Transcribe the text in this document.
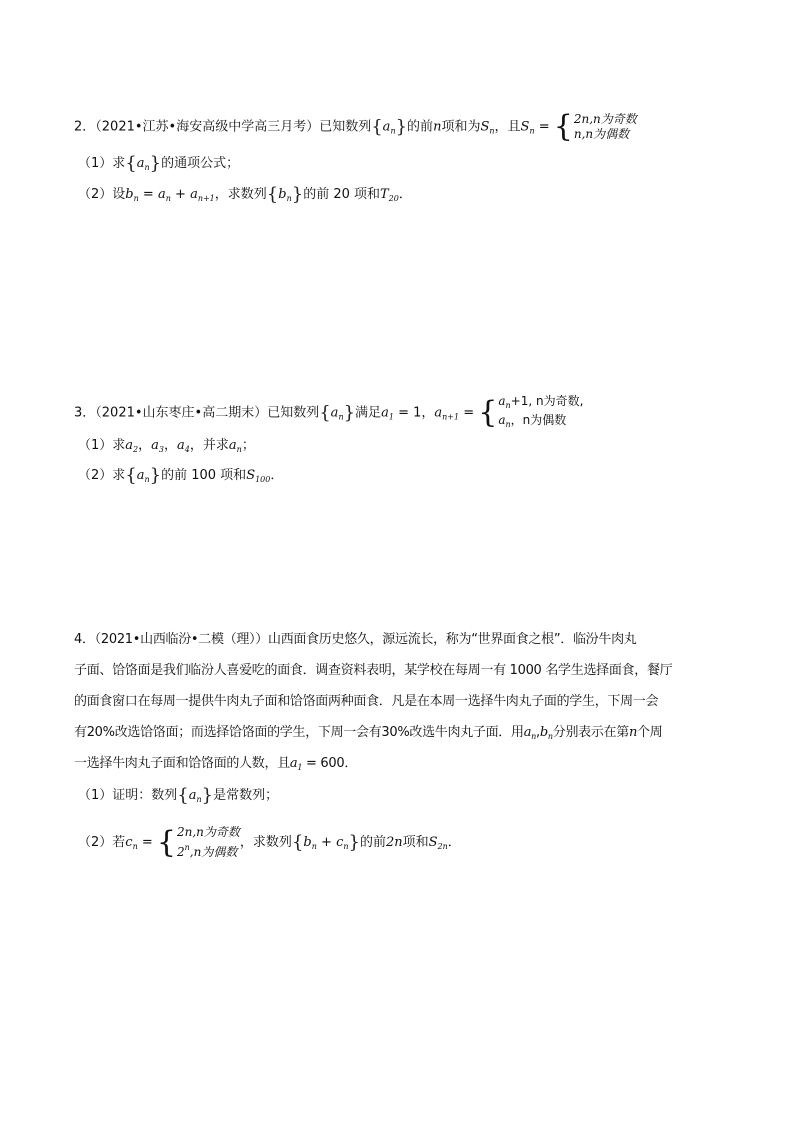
2．（2021•江苏•海安高级中学高三月考）已知数列$\{a_n\}$的前n项和为$S_n$，且$S_n = \{2n,n$为奇数
n,n为偶数
（1）求$\{a_n\}$的通项公式；
（2）设$b_n = a_n + a_{n+1}$，求数列$\{b_n\}$的前 20 项和$T_{20}$．
3．（2021•山东枣庄•高二期末）已知数列$\{a_n\}$满足$a_1 = 1$，$a_{n+1} = \{a_n+1$, n为奇数,
$a_n$，n为偶数
（1）求$a_2$，$a_3$，$a_4$，并求$a_n$；
（2）求$\{a_n\}$的前 100 项和$S_{100}$．
4．（2021•山西临汾•二模（理））山西面食历史悠久，源远流长，称为“世界面食之根”．临汾牛肉丸
子面、饸饹面是我们临汾人喜爱吃的面食．调查资料表明，某学校在每周一有 1000 名学生选择面食，餐厅
的面食窗口在每周一提供牛肉丸子面和饸饹面两种面食．凡是在本周一选择牛肉丸子面的学生，下周一会
有20%改选饸饹面；而选择饸饹面的学生，下周一会有30%改选牛肉丸子面．用$a_n,b_n$分别表示在第n个周
一选择牛肉丸子面和饸饹面的人数，且$a_1 = 600$．
（1）证明：数列$\{a_n\}$是常数列；
（2）若$c_n = \{2n,n$为奇数
2$^n$,n为偶数，求数列$\{b_n + c_n\}$的前2n项和$S_{2n}$．
